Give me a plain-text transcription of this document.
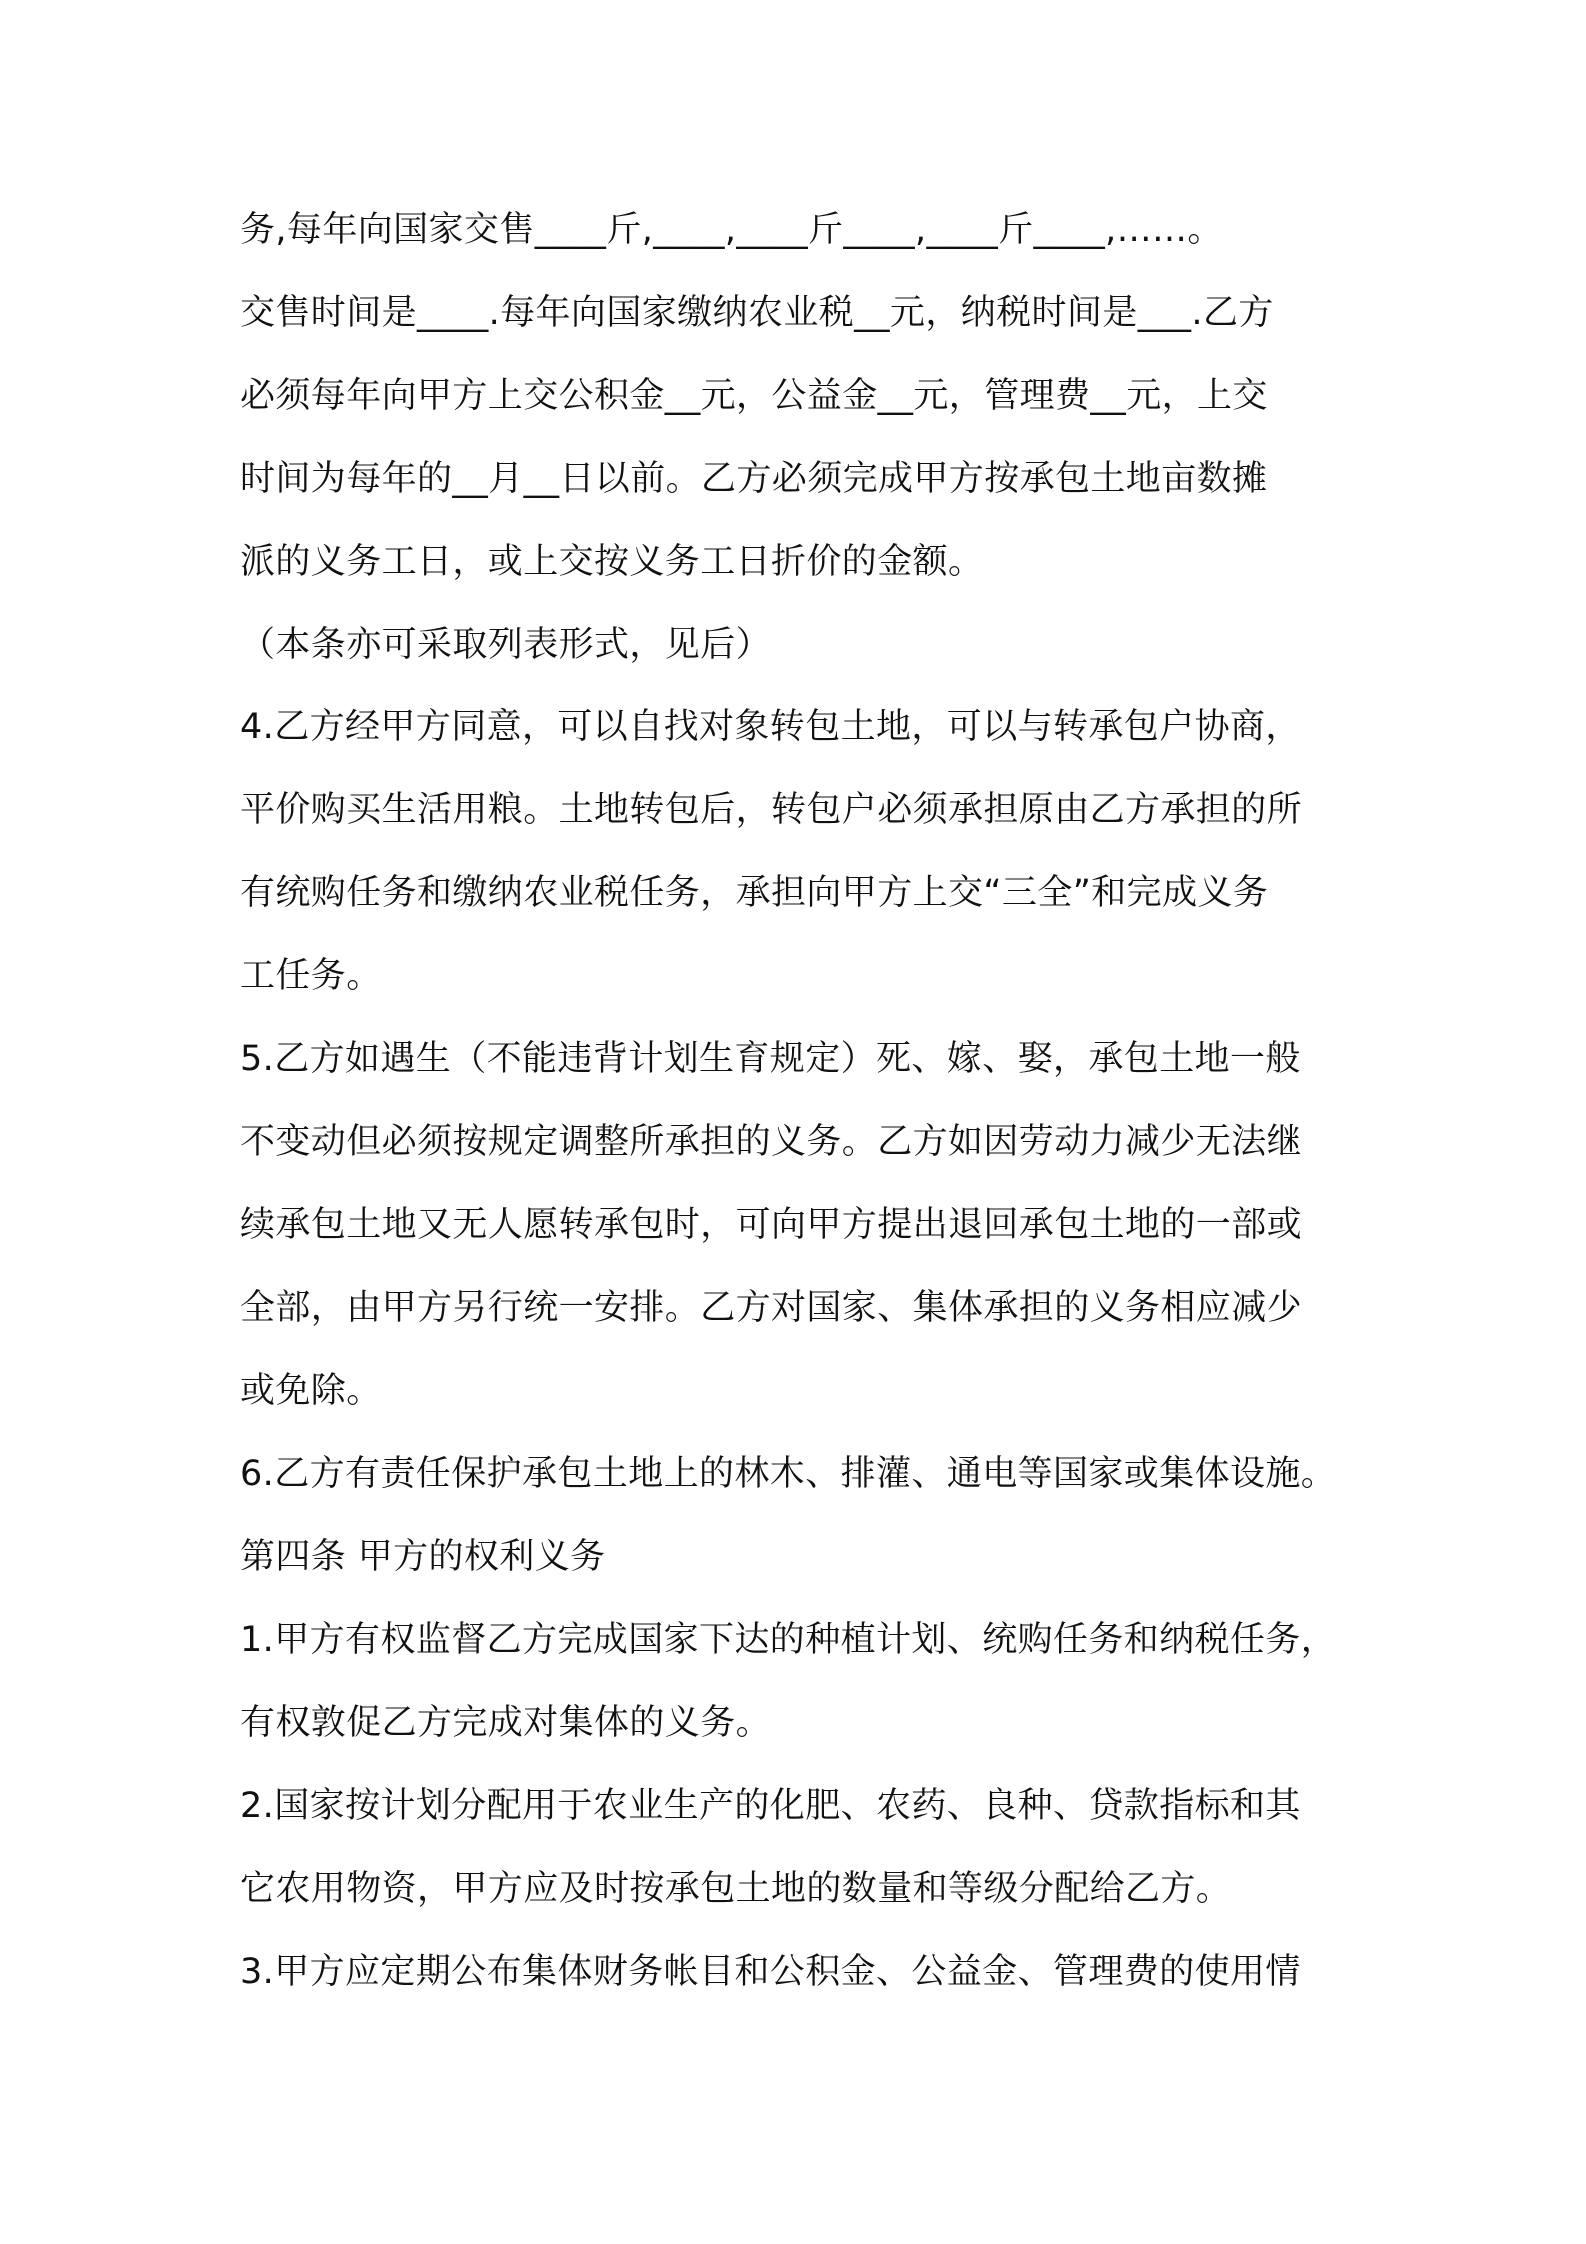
务,每年向国家交售____斤,____,____斤____,____斤____,……。
交售时间是____.每年向国家缴纳农业税__元，纳税时间是___.乙方
必须每年向甲方上交公积金__元，公益金__元，管理费__元，上交
时间为每年的__月__日以前。乙方必须完成甲方按承包土地亩数摊
派的义务工日，或上交按义务工日折价的金额。
（本条亦可采取列表形式，见后）
4.乙方经甲方同意，可以自找对象转包土地，可以与转承包户协商，
平价购买生活用粮。土地转包后，转包户必须承担原由乙方承担的所
有统购任务和缴纳农业税任务，承担向甲方上交“三全”和完成义务
工任务。
5.乙方如遇生（不能违背计划生育规定）死、嫁、娶，承包土地一般
不变动但必须按规定调整所承担的义务。乙方如因劳动力减少无法继
续承包土地又无人愿转承包时，可向甲方提出退回承包土地的一部或
全部，由甲方另行统一安排。乙方对国家、集体承担的义务相应减少
或免除。
6.乙方有责任保护承包土地上的林木、排灌、通电等国家或集体设施。
第四条 甲方的权利义务
1.甲方有权监督乙方完成国家下达的种植计划、统购任务和纳税任务，
有权敦促乙方完成对集体的义务。
2.国家按计划分配用于农业生产的化肥、农药、良种、贷款指标和其
它农用物资，甲方应及时按承包土地的数量和等级分配给乙方。
3.甲方应定期公布集体财务帐目和公积金、公益金、管理费的使用情
